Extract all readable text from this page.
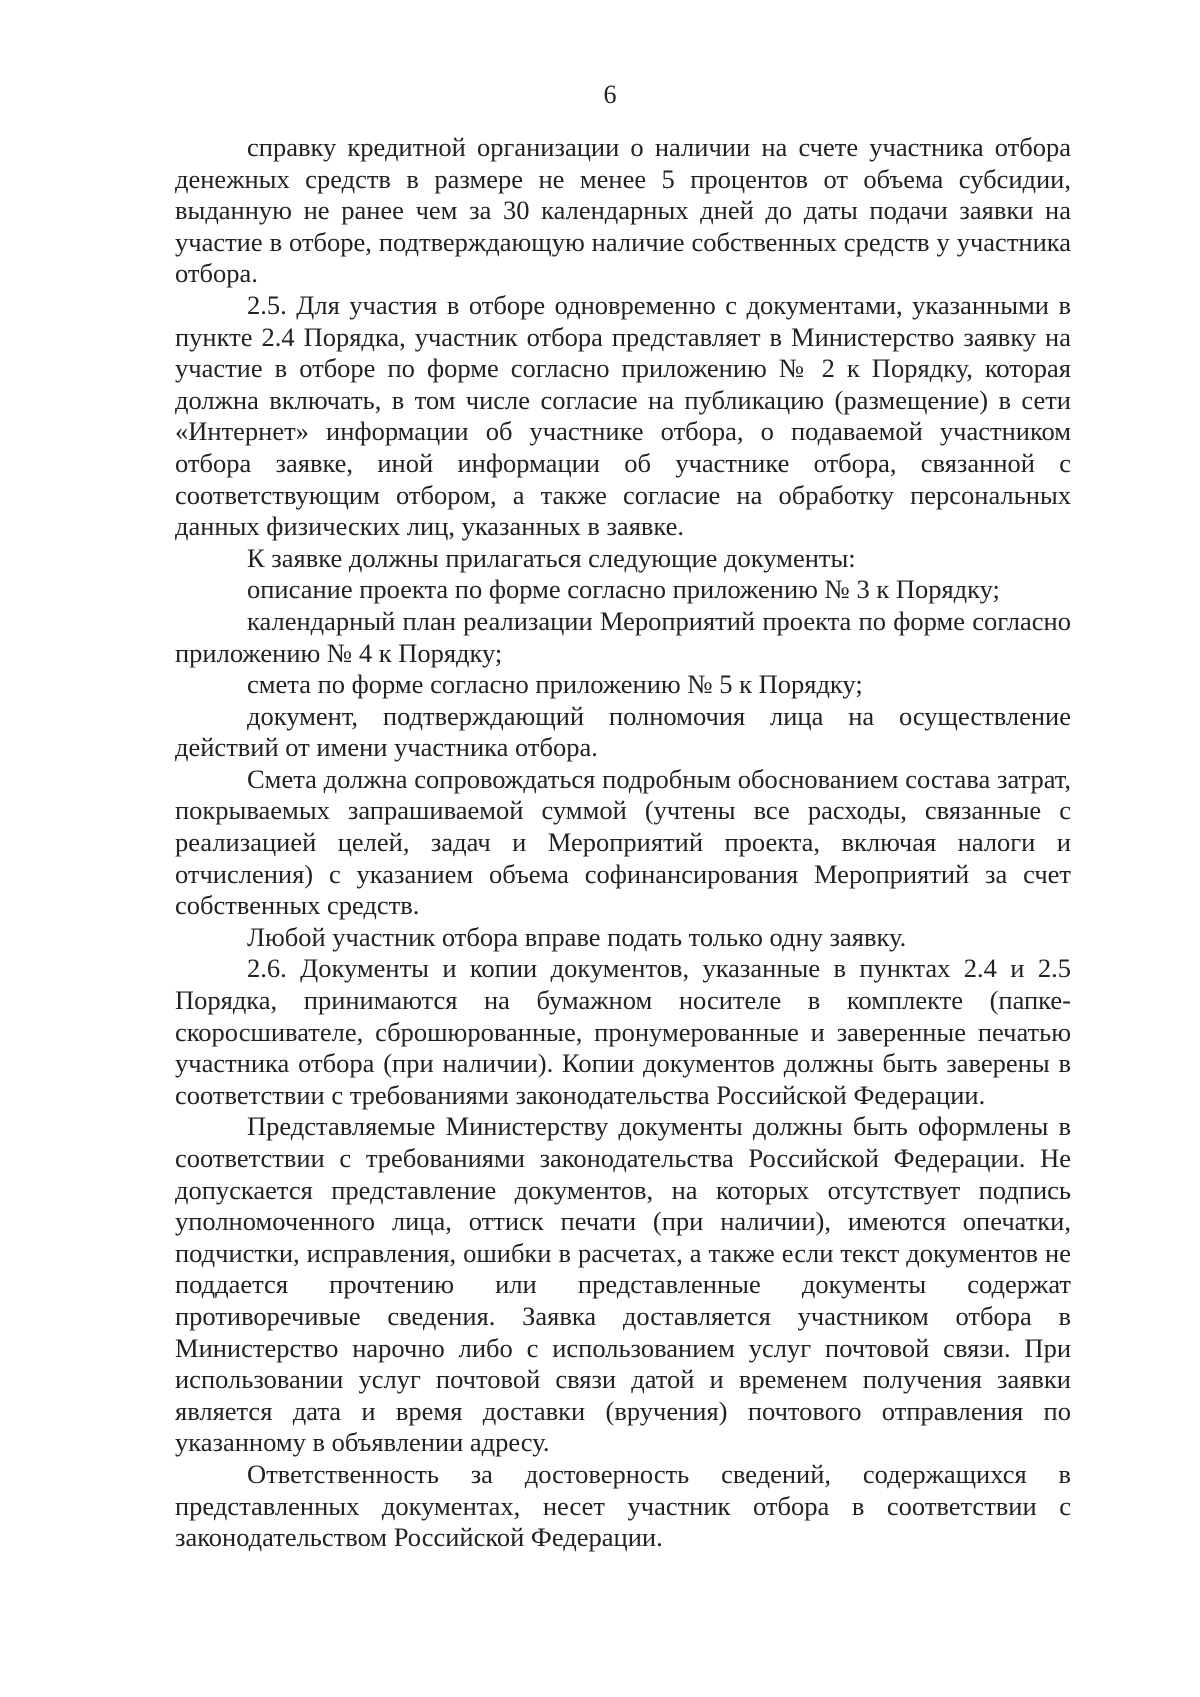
6

справку кредитной организации о наличии на счете участника отбора денежных средств в размере не менее 5 процентов от объема субсидии, выданную не ранее чем за 30 календарных дней до даты подачи заявки на участие в отборе, подтверждающую наличие собственных средств у участника отбора.

2.5. Для участия в отборе одновременно с документами, указанными в пункте 2.4 Порядка, участник отбора представляет в Министерство заявку на участие в отборе по форме согласно приложению № 2 к Порядку, которая должна включать, в том числе согласие на публикацию (размещение) в сети «Интернет» информации об участнике отбора, о подаваемой участником отбора заявке, иной информации об участнике отбора, связанной с соответствующим отбором, а также согласие на обработку персональных данных физических лиц, указанных в заявке.

К заявке должны прилагаться следующие документы:

описание проекта по форме согласно приложению № 3 к Порядку;

календарный план реализации Мероприятий проекта по форме согласно приложению № 4 к Порядку;

смета по форме согласно приложению № 5 к Порядку;

документ, подтверждающий полномочия лица на осуществление действий от имени участника отбора.

Смета должна сопровождаться подробным обоснованием состава затрат, покрываемых запрашиваемой суммой (учтены все расходы, связанные с реализацией целей, задач и Мероприятий проекта, включая налоги и отчисления) с указанием объема софинансирования Мероприятий за счет собственных средств.

Любой участник отбора вправе подать только одну заявку.

2.6. Документы и копии документов, указанные в пунктах 2.4 и 2.5 Порядка, принимаются на бумажном носителе в комплекте (папке-скоросшивателе, сброшюрованные, пронумерованные и заверенные печатью участника отбора (при наличии). Копии документов должны быть заверены в соответствии с требованиями законодательства Российской Федерации.

Представляемые Министерству документы должны быть оформлены в соответствии с требованиями законодательства Российской Федерации. Не допускается представление документов, на которых отсутствует подпись уполномоченного лица, оттиск печати (при наличии), имеются опечатки, подчистки, исправления, ошибки в расчетах, а также если текст документов не поддается прочтению или представленные документы содержат противоречивые сведения. Заявка доставляется участником отбора в Министерство нарочно либо с использованием услуг почтовой связи. При использовании услуг почтовой связи датой и временем получения заявки является дата и время доставки (вручения) почтового отправления по указанному в объявлении адресу.

Ответственность за достоверность сведений, содержащихся в представленных документах, несет участник отбора в соответствии с законодательством Российской Федерации.
